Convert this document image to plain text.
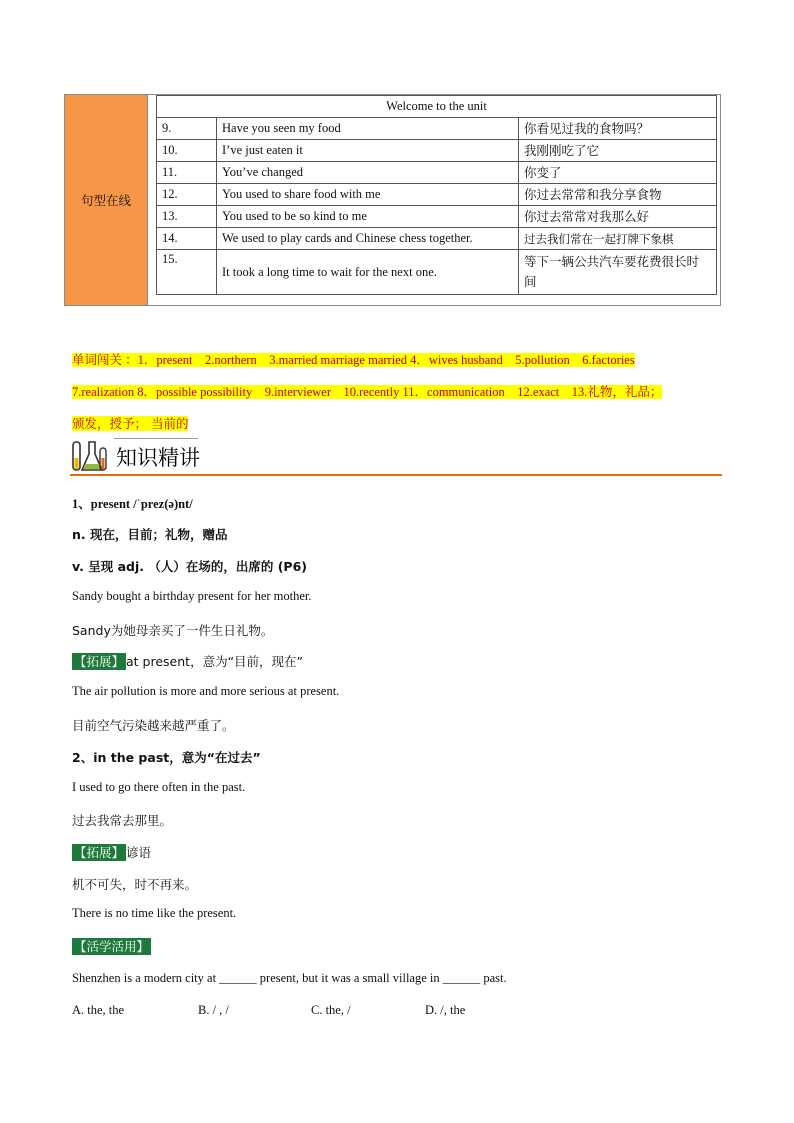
句型在线
Welcome to the unit		
9.	Have you seen my food	你看见过我的食物吗？
10.	I’ve just eaten it	我刚刚吃了它
11.	You’ve changed	你变了
12.	You used to share food with me	你过去常常和我分享食物
13.	You used to be so kind to me	你过去常常对我那么好
14.	We used to play cards and Chinese chess together.	过去我们常在一起打牌下象棋
15.	It took a long time to wait for the next one.	等下一辆公共汽车要花费很长时间
单词闯关 ：1．present　2.northern　3.married marriage married 4．wives husband　5.pollution　6.factories
7.realization 8．possible possibility　9.interviewer　10.recently 11．communication　12.exact　13.礼物，礼品；
颁发，授予； 当前的
知识精讲
1、present /ˈprez(ə)nt/
n. 现在，目前；礼物，赠品
v. 呈现 adj. （人）在场的，出席的 (P6)
Sandy bought a birthday present for her mother.
Sandy为她母亲买了一件生日礼物。
【拓展】 at present，意为“目前，现在”
The air pollution is more and more serious at present.
目前空气污染越来越严重了。
2、in the past，意为“在过去”
I used to go there often in the past.
过去我常去那里。
【拓展】 谚语
机不可失，时不再来。
There is no time like the present.
【活学活用】
Shenzhen is a modern city at ______ present, but it was a small village in ______ past.
A. the, the	B. / , /	C. the, /	D. /, the
